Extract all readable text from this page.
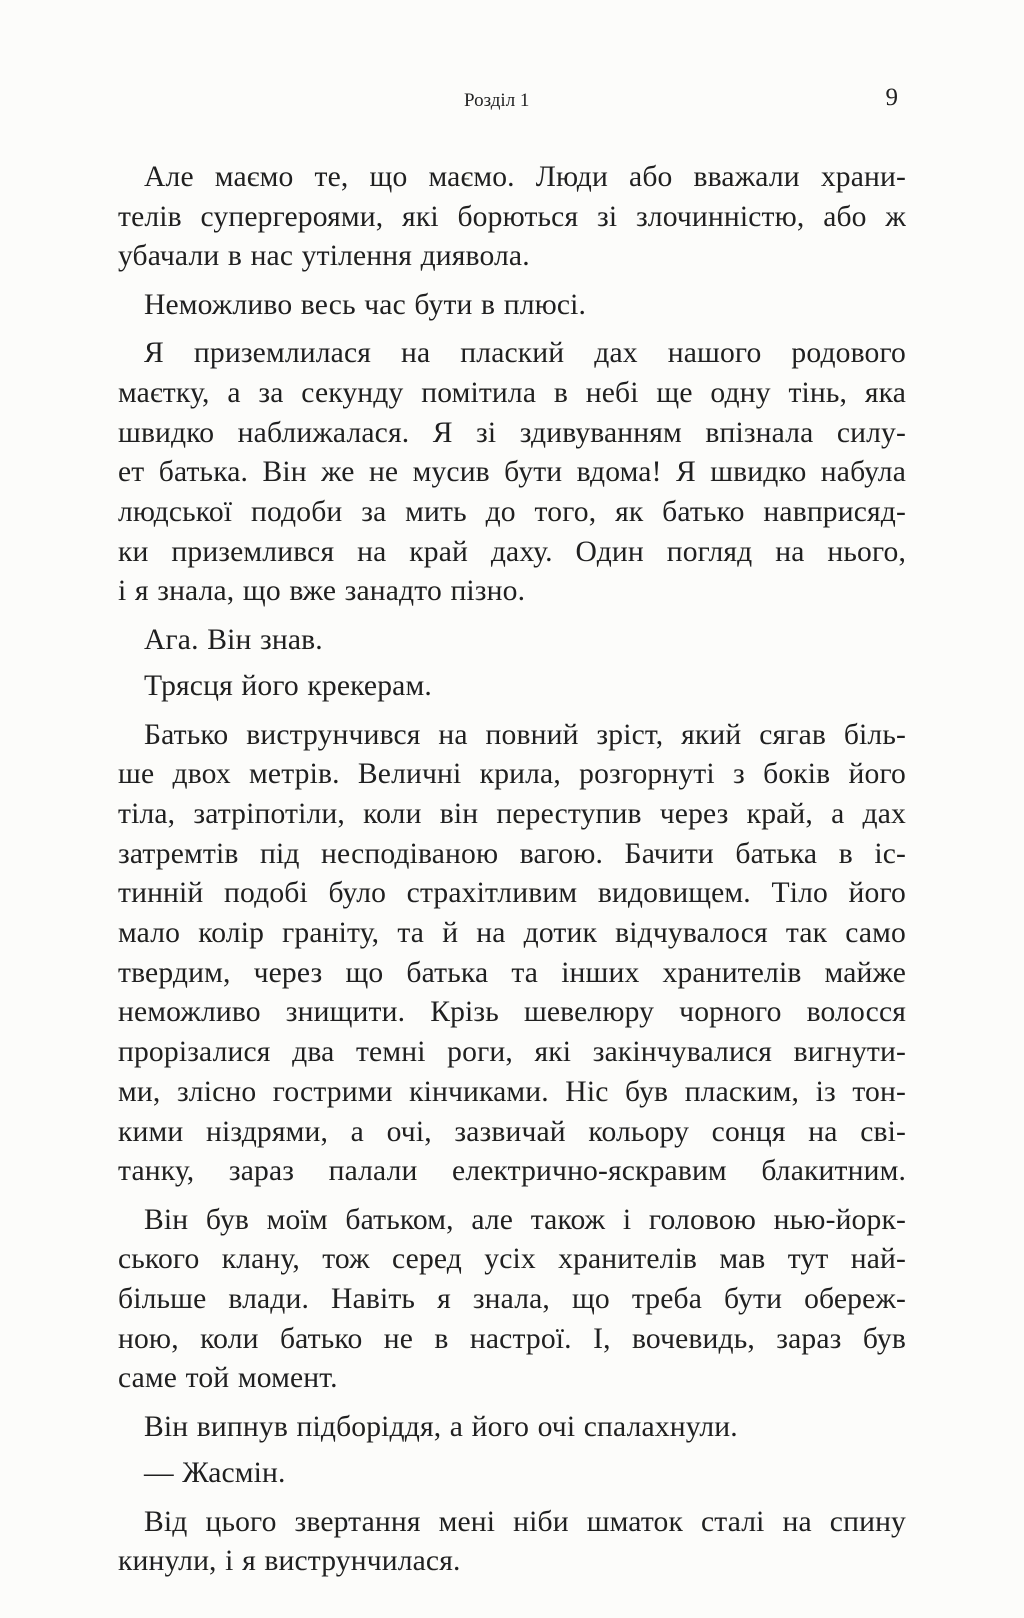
Розділ 1	9
Але маємо те, що маємо. Люди або вважали храни-
телів супергероями, які борються зі злочинністю, або ж
убачали в нас утілення диявола.
Неможливо весь час бути в плюсі.
Я приземлилася на плаский дах нашого родового
маєтку, а за секунду помітила в небі ще одну тінь, яка
швидко наближалася. Я зі здивуванням впізнала силу-
ет батька. Він же не мусив бути вдома! Я швидко набула
людської подоби за мить до того, як батько навприсяд-
ки приземлився на край даху. Один погляд на нього,
і я знала, що вже занадто пізно.
Ага. Він знав.
Трясця його крекерам.
Батько виструнчився на повний зріст, який сягав біль-
ше двох метрів. Величні крила, розгорнуті з боків його
тіла, затріпотіли, коли він переступив через край, а дах
затремтів під несподіваною вагою. Бачити батька в іс-
тинній подобі було страхітливим видовищем. Тіло його
мало колір граніту, та й на дотик відчувалося так само
твердим, через що батька та інших хранителів майже
неможливо знищити. Крізь шевелюру чорного волосся
прорізалися два темні роги, які закінчувалися вигнути-
ми, злісно гострими кінчиками. Ніс був пласким, із тон-
кими ніздрями, а очі, зазвичай кольору сонця на сві-
танку, зараз палали електрично-яскравим блакитним.
Він був моїм батьком, але також і головою нью-йорк-
ського клану, тож серед усіх хранителів мав тут най-
більше влади. Навіть я знала, що треба бути обереж-
ною, коли батько не в настрої. І, вочевидь, зараз був
саме той момент.
Він випнув підборіддя, а його очі спалахнули.
— Жасмін.
Від цього звертання мені ніби шматок сталі на спину
кинули, і я виструнчилася.
